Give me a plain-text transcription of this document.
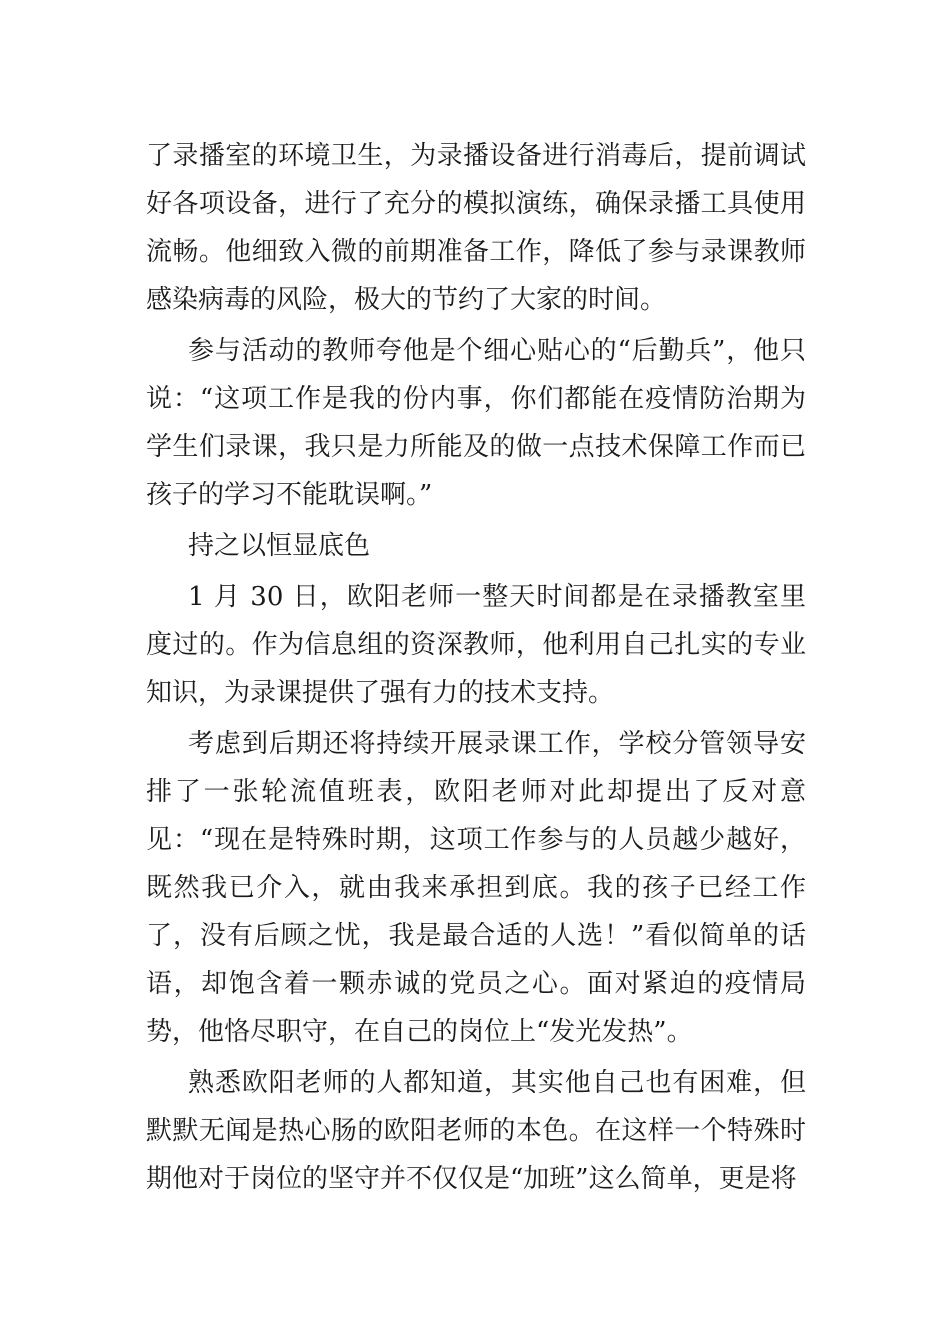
了录播室的环境卫生，为录播设备进行消毒后，提前调试好各项设备，进行了充分的模拟演练，确保录播工具使用流畅。他细致入微的前期准备工作，降低了参与录课教师感染病毒的风险，极大的节约了大家的时间。

参与活动的教师夸他是个细心贴心的“后勤兵”，他只说：“这项工作是我的份内事，你们都能在疫情防治期为学生们录课，我只是力所能及的做一点技术保障工作而已孩子的学习不能耽误啊。”

持之以恒显底色

1 月 30 日，欧阳老师一整天时间都是在录播教室里度过的。作为信息组的资深教师，他利用自己扎实的专业知识，为录课提供了强有力的技术支持。

考虑到后期还将持续开展录课工作，学校分管领导安排了一张轮流值班表，欧阳老师对此却提出了反对意见：“现在是特殊时期，这项工作参与的人员越少越好，既然我已介入，就由我来承担到底。我的孩子已经工作了，没有后顾之忧，我是最合适的人选！”看似简单的话语，却饱含着一颗赤诚的党员之心。面对紧迫的疫情局势，他恪尽职守，在自己的岗位上“发光发热”。

熟悉欧阳老师的人都知道，其实他自己也有困难，但默默无闻是热心肠的欧阳老师的本色。在这样一个特殊时期他对于岗位的坚守并不仅仅是“加班”这么简单，更是将
